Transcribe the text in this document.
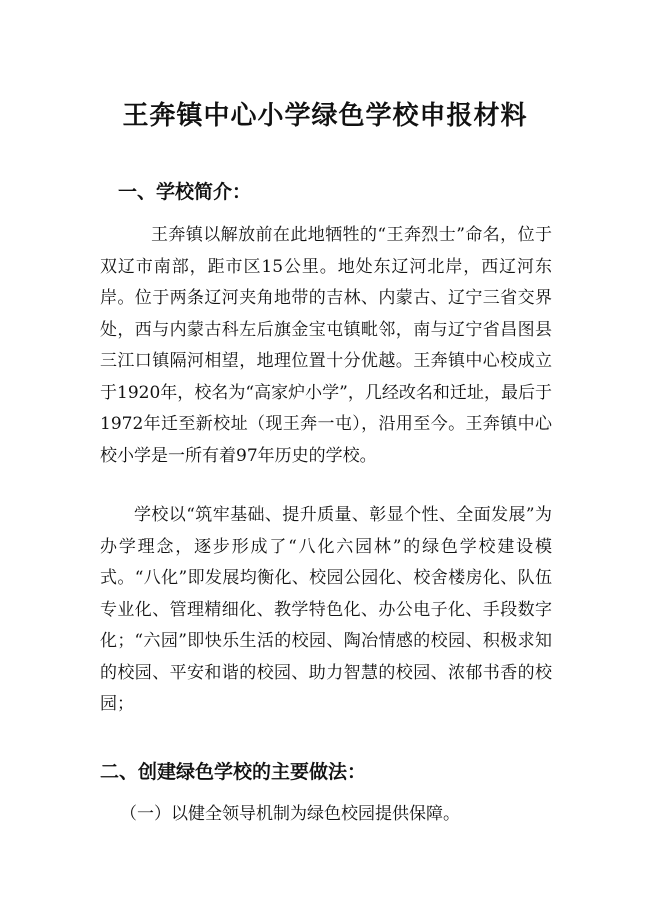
王奔镇中心小学绿色学校申报材料
一、学校简介：

王奔镇以解放前在此地牺牲的“王奔烈士”命名，位于双辽市南部，距市区15公里。地处东辽河北岸，西辽河东岸。位于两条辽河夹角地带的吉林、内蒙古、辽宁三省交界处，西与内蒙古科左后旗金宝屯镇毗邻，南与辽宁省昌图县三江口镇隔河相望，地理位置十分优越。王奔镇中心校成立于1920年，校名为“高家炉小学”，几经改名和迁址，最后于1972年迁至新校址（现王奔一屯），沿用至今。王奔镇中心校小学是一所有着97年历史的学校。

学校以“筑牢基础、提升质量、彰显个性、全面发展”为办学理念，逐步形成了“八化六园林”的绿色学校建设模式。“八化”即发展均衡化、校园公园化、校舍楼房化、队伍专业化、管理精细化、教学特色化、办公电子化、手段数字化；“六园”即快乐生活的校园、陶冶情感的校园、积极求知的校园、平安和谐的校园、助力智慧的校园、浓郁书香的校园；

二、创建绿色学校的主要做法：

（一）以健全领导机制为绿色校园提供保障。
